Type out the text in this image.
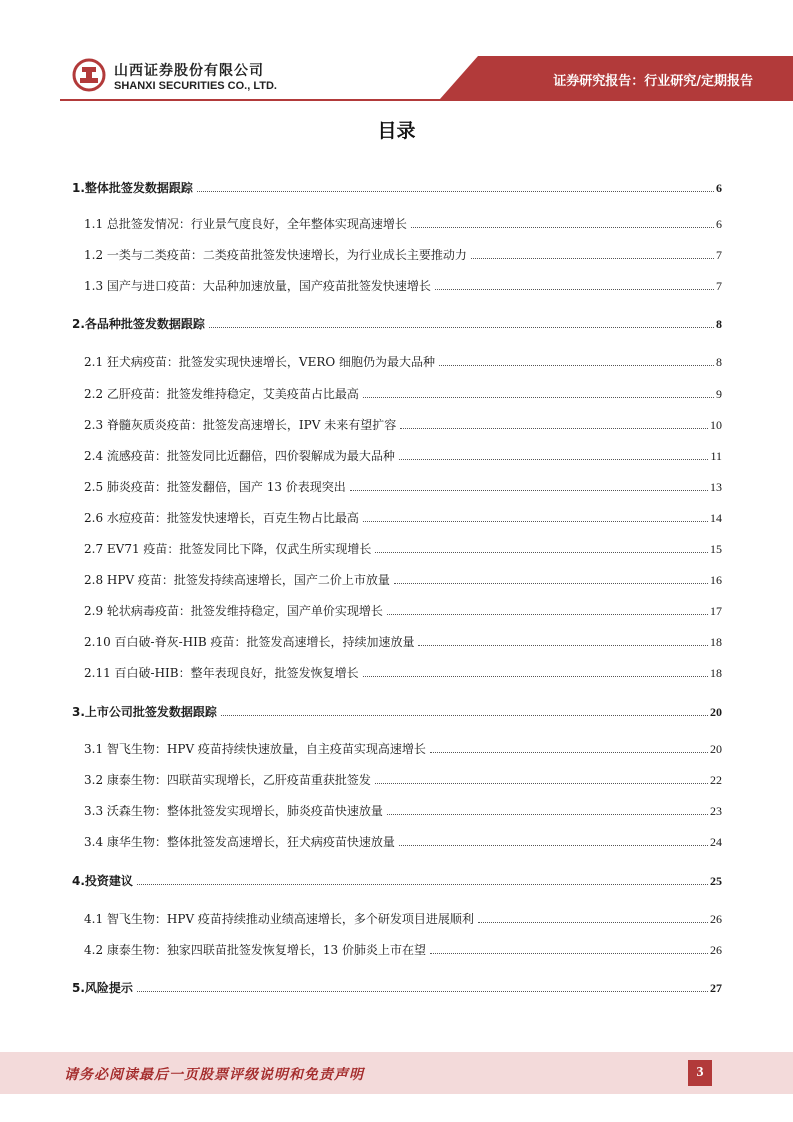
山西证券股份有限公司
SHANXI SECURITIES CO., LTD.	证券研究报告：行业研究/定期报告
目录
1.整体批签发数据跟踪	6
1.1 总批签发情况：行业景气度良好，全年整体实现高速增长	6
1.2 一类与二类疫苗：二类疫苗批签发快速增长，为行业成长主要推动力	7
1.3 国产与进口疫苗：大品种加速放量，国产疫苗批签发快速增长	7
2.各品种批签发数据跟踪	8
2.1 狂犬病疫苗：批签发实现快速增长，VERO 细胞仍为最大品种	8
2.2 乙肝疫苗：批签发维持稳定，艾美疫苗占比最高	9
2.3 脊髓灰质炎疫苗：批签发高速增长，IPV 未来有望扩容	10
2.4 流感疫苗：批签发同比近翻倍，四价裂解成为最大品种	11
2.5 肺炎疫苗：批签发翻倍，国产 13 价表现突出	13
2.6 水痘疫苗：批签发快速增长，百克生物占比最高	14
2.7 EV71 疫苗：批签发同比下降，仅武生所实现增长	15
2.8 HPV 疫苗：批签发持续高速增长，国产二价上市放量	16
2.9 轮状病毒疫苗：批签发维持稳定，国产单价实现增长	17
2.10 百白破-脊灰-HIB 疫苗：批签发高速增长，持续加速放量	18
2.11 百白破-HIB：整年表现良好，批签发恢复增长	18
3.上市公司批签发数据跟踪	20
3.1 智飞生物：HPV 疫苗持续快速放量，自主疫苗实现高速增长	20
3.2 康泰生物：四联苗实现增长，乙肝疫苗重获批签发	22
3.3 沃森生物：整体批签发实现增长，肺炎疫苗快速放量	23
3.4 康华生物：整体批签发高速增长，狂犬病疫苗快速放量	24
4.投资建议	25
4.1 智飞生物：HPV 疫苗持续推动业绩高速增长，多个研发项目进展顺利	26
4.2 康泰生物：独家四联苗批签发恢复增长，13 价肺炎上市在望	26
5.风险提示	27
请务必阅读最后一页股票评级说明和免责声明	3
